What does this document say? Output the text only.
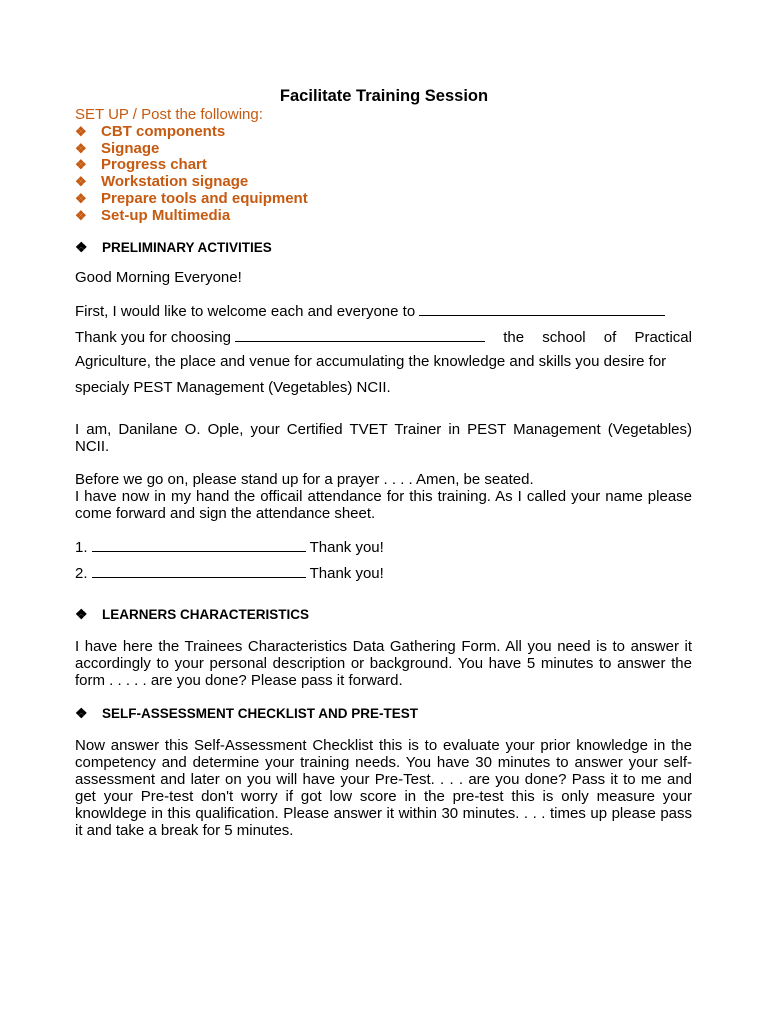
Facilitate Training Session
SET UP / Post the following:
❖ CBT components
❖ Signage
❖ Progress chart
❖ Workstation signage
❖ Prepare tools and equipment
❖ Set-up Multimedia
❖ PRELIMINARY ACTIVITIES
Good Morning Everyone!
First, I would like to welcome each and everyone to
Thank you for choosing	the school of Practical
Agriculture, the place and venue for accumulating the knowledge and skills you desire for
specialy PEST Management (Vegetables) NCII.
I am, Danilane O. Ople, your Certified TVET Trainer in PEST Management (Vegetables) NCII.
Before we go on, please stand up for a prayer . . . . Amen, be seated.
I have now in my hand the officail attendance for this training. As I called your name please come forward and sign the attendance sheet.
1.	Thank you!
2.	Thank you!
❖ LEARNERS CHARACTERISTICS
I have here the Trainees Characteristics Data Gathering Form. All you need is to answer it accordingly to your personal description or background. You have 5 minutes to answer the form . . . . . are you done? Please pass it forward.
❖ SELF-ASSESSMENT CHECKLIST AND PRE-TEST
Now answer this Self-Assessment Checklist this is to evaluate your prior knowledge in the competency and determine your training needs. You have 30 minutes to answer your self-assessment and later on you will have your Pre-Test. . . . are you done? Pass it to me and get your Pre-test don't worry if got low score in the pre-test this is only measure your knowldege in this qualification. Please answer it within 30 minutes. . . . times up please pass it and take a break for 5 minutes.
